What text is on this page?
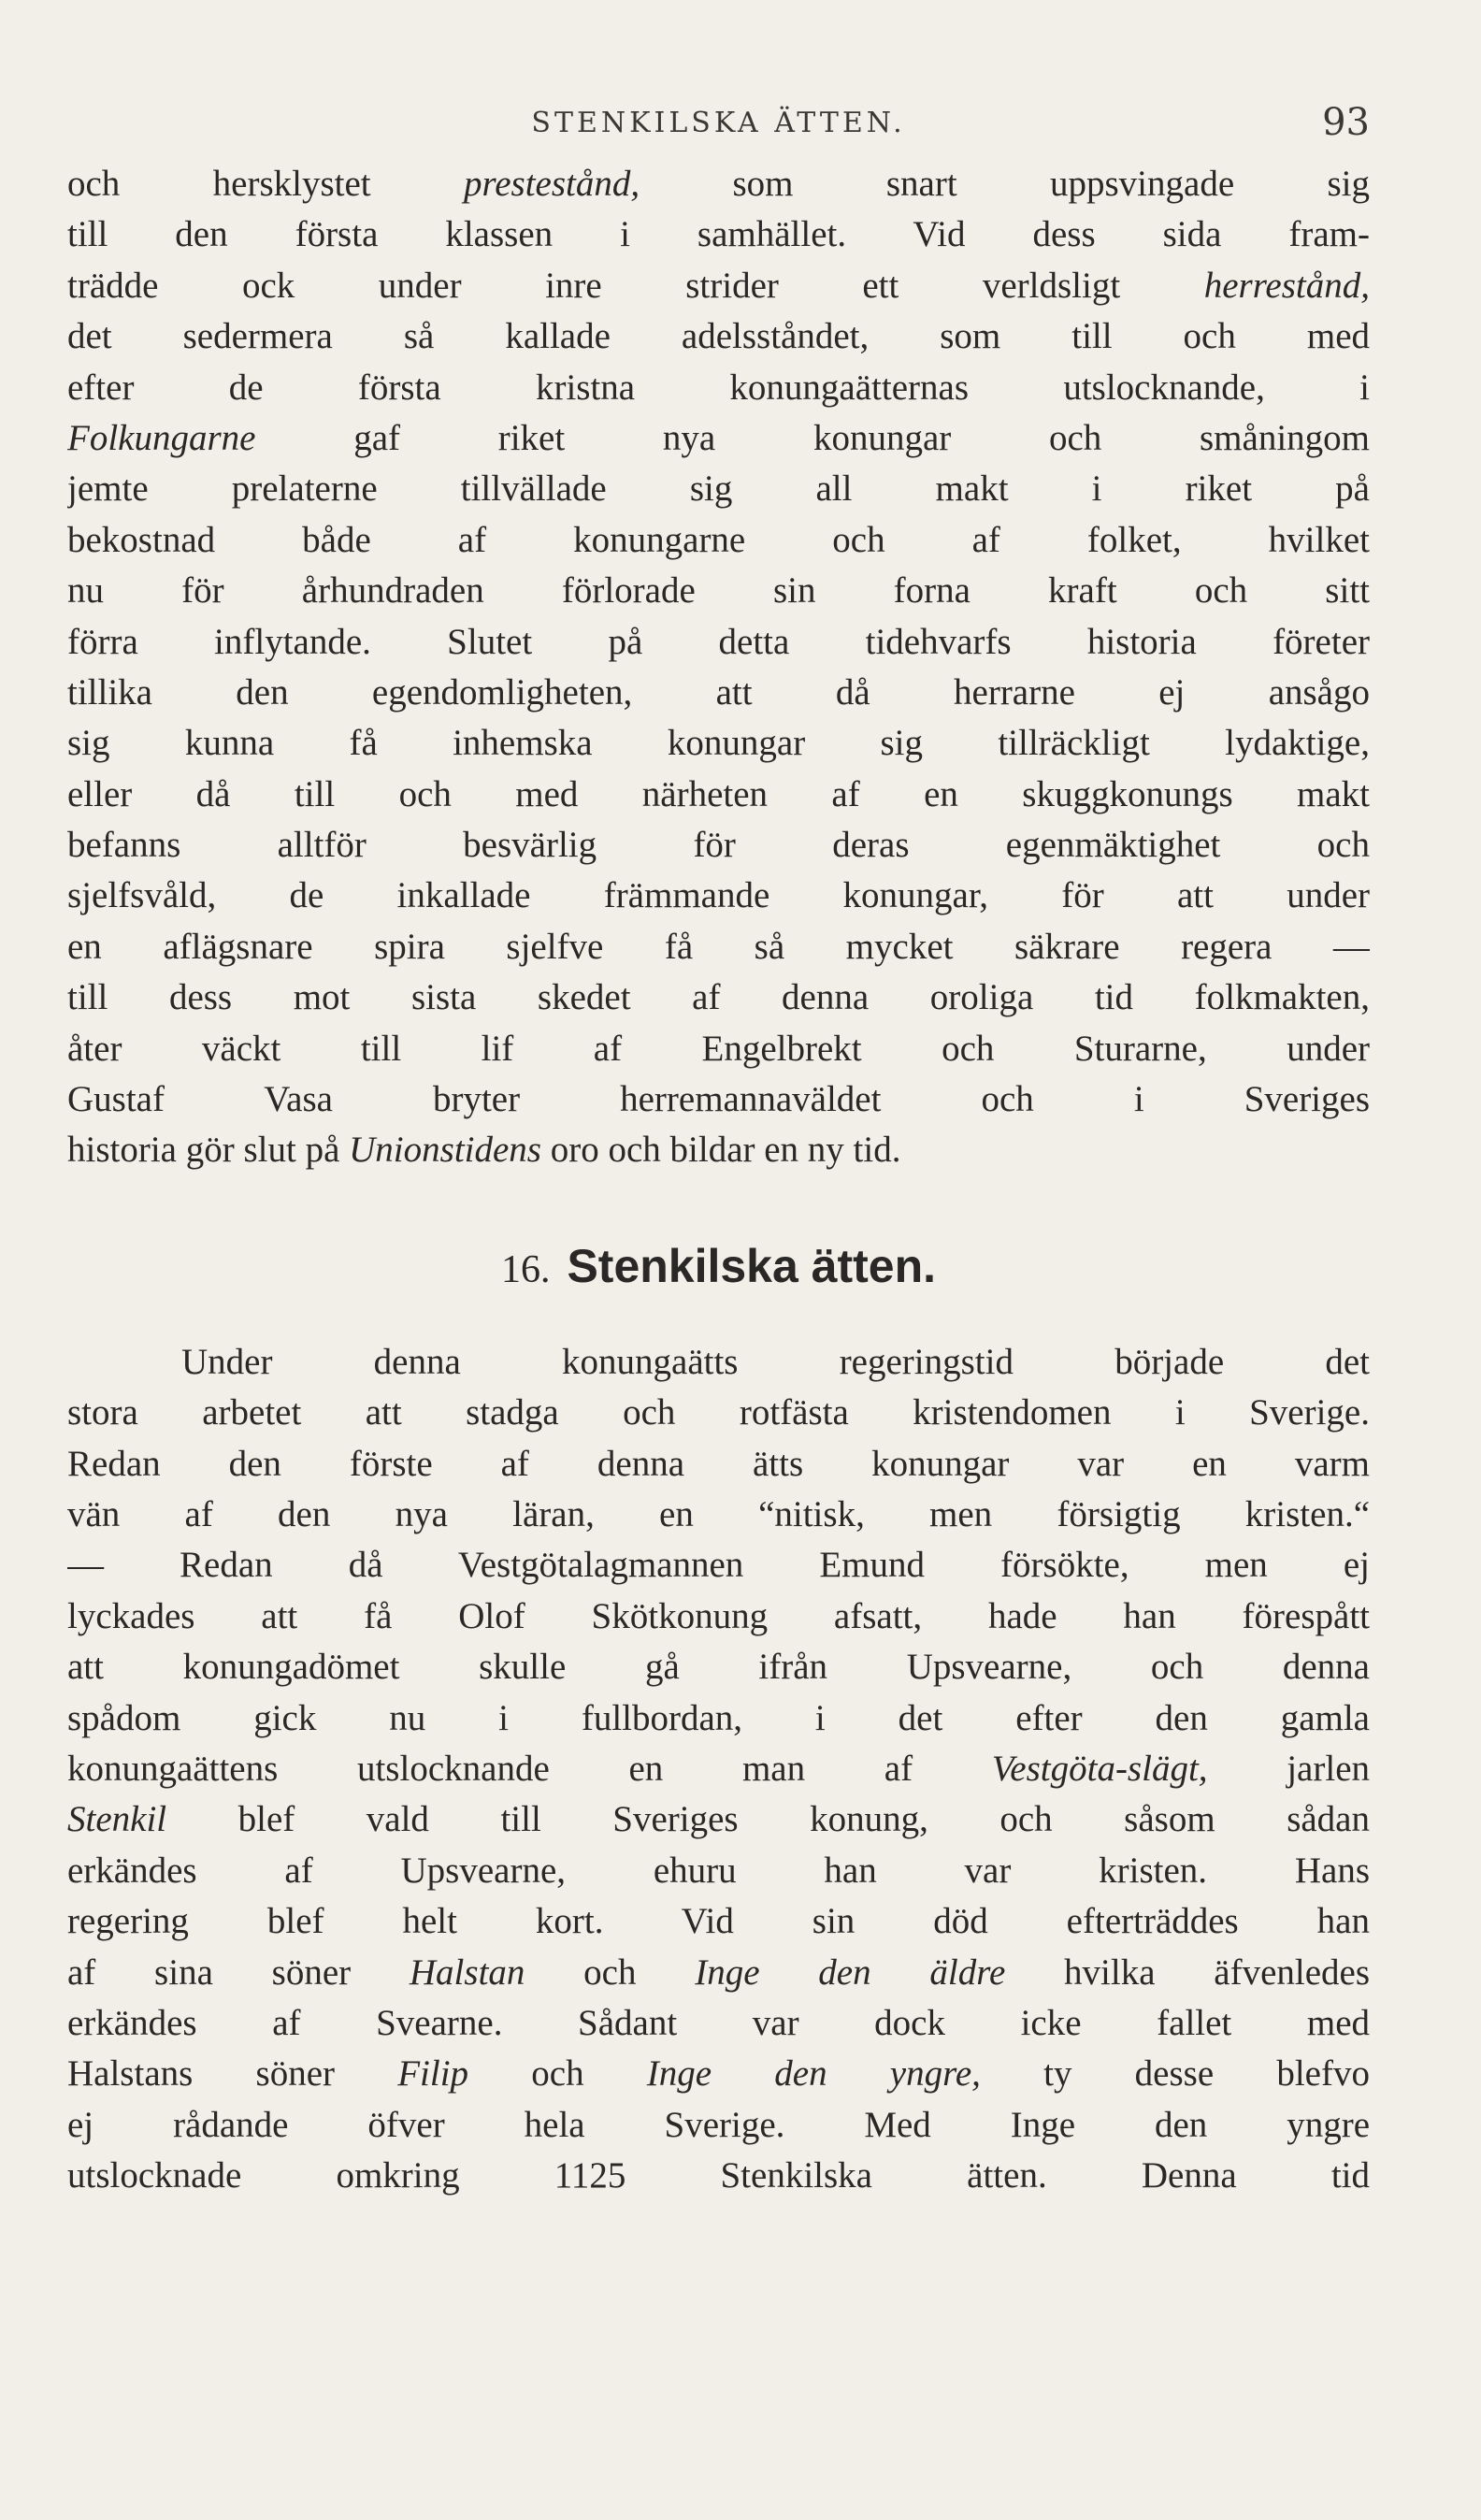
STENKILSKA ÄTTEN.	93
och hersklystet prestestånd, som snart uppsvingade sig
till den första klassen i samhället. Vid dess sida fram-
trädde ock under inre strider ett verldsligt herrestånd,
det sedermera så kallade adelsståndet, som till och med
efter de första kristna konungaätternas utslocknande, i
Folkungarne gaf riket nya konungar och småningom
jemte prelaterne tillvällade sig all makt i riket på
bekostnad både af konungarne och af folket, hvilket
nu för århundraden förlorade sin forna kraft och sitt
förra inflytande. Slutet på detta tidehvarfs historia företer
tillika den egendomligheten, att då herrarne ej ansågo
sig kunna få inhemska konungar sig tillräckligt lydaktige,
eller då till och med närheten af en skuggkonungs makt
befanns alltför besvärlig för deras egenmäktighet och
sjelfsvåld, de inkallade främmande konungar, för att under
en aflägsnare spira sjelfve få så mycket säkrare regera —
till dess mot sista skedet af denna oroliga tid folkmakten,
åter väckt till lif af Engelbrekt och Sturarne, under
Gustaf Vasa bryter herremannaväldet och i Sveriges
historia gör slut på Unionstidens oro och bildar en ny tid.
16. Stenkilska ätten.
Under denna konungaätts regeringstid började det
stora arbetet att stadga och rotfästa kristendomen i Sverige.
Redan den förste af denna ätts konungar var en varm
vän af den nya läran, en “nitisk, men försigtig kristen.“
— Redan då Vestgötalagmannen Emund försökte, men ej
lyckades att få Olof Skötkonung afsatt, hade han förespått
att konungadömet skulle gå ifrån Upsvearne, och denna
spådom gick nu i fullbordan, i det efter den gamla
konungaättens utslocknande en man af Vestgöta-slägt, jarlen
Stenkil blef vald till Sveriges konung, och såsom sådan
erkändes af Upsvearne, ehuru han var kristen. Hans
regering blef helt kort. Vid sin död efterträddes han
af sina söner Halstan och Inge den äldre hvilka äfvenledes
erkändes af Svearne. Sådant var dock icke fallet med
Halstans söner Filip och Inge den yngre, ty desse blefvo
ej rådande öfver hela Sverige. Med Inge den yngre
utslocknade omkring 1125 Stenkilska ätten. Denna tid
